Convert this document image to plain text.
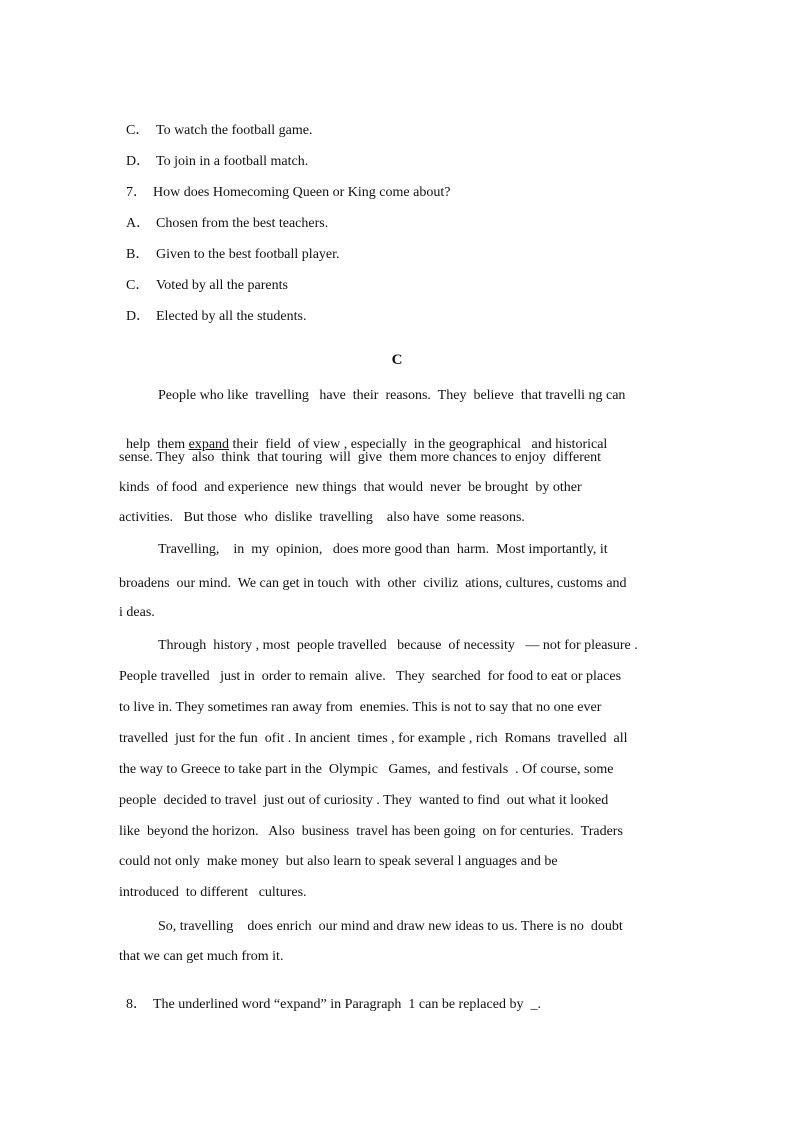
C． To watch the football game.

D． To join in a football match.

7． How does Homecoming Queen or King come about?

A． Chosen from the best teachers.

B． Given to the best football player.

C． Voted by all the parents

D． Elected by all the students.

C
People who like  travelling   have  their  reasons.  They  believe  that travelli ng can

help  them expand their  field  of view , especially  in the geographical   and historical

sense. They  also  think  that touring  will  give  them more chances to enjoy  different
kinds  of food  and experience  new things  that would  never  be brought  by other
activities.   But those  who  dislike  travelling    also have  some reasons.
Travelling,    in  my  opinion,   does more good than  harm.  Most importantly, it
broadens  our mind.  We can get in touch  with  other  civiliz  ations, cultures, customs and
i deas.
Through  history , most  people travelled   because  of necessity   — not for pleasure .
People travelled   just in  order to remain  alive.   They  searched  for food to eat or places
to live in. They sometimes ran away from  enemies. This is not to say that no one ever
travelled  just for the fun  ofit . In ancient  times , for example , rich  Romans  travelled  all
the way to Greece to take part in the  Olympic   Games,  and festivals  . Of course, some
people  decided to travel  just out of curiosity . They  wanted to find  out what it looked
like  beyond the horizon.   Also  business  travel has been going  on for centuries.  Traders
could not only  make money  but also learn to speak several l anguages and be
introduced  to different   cultures.
So, travelling    does enrich  our mind and draw new ideas to us. There is no  doubt
that we can get much from it.

8． The underlined word “expand” in Paragraph  1 can be replaced by  _.
